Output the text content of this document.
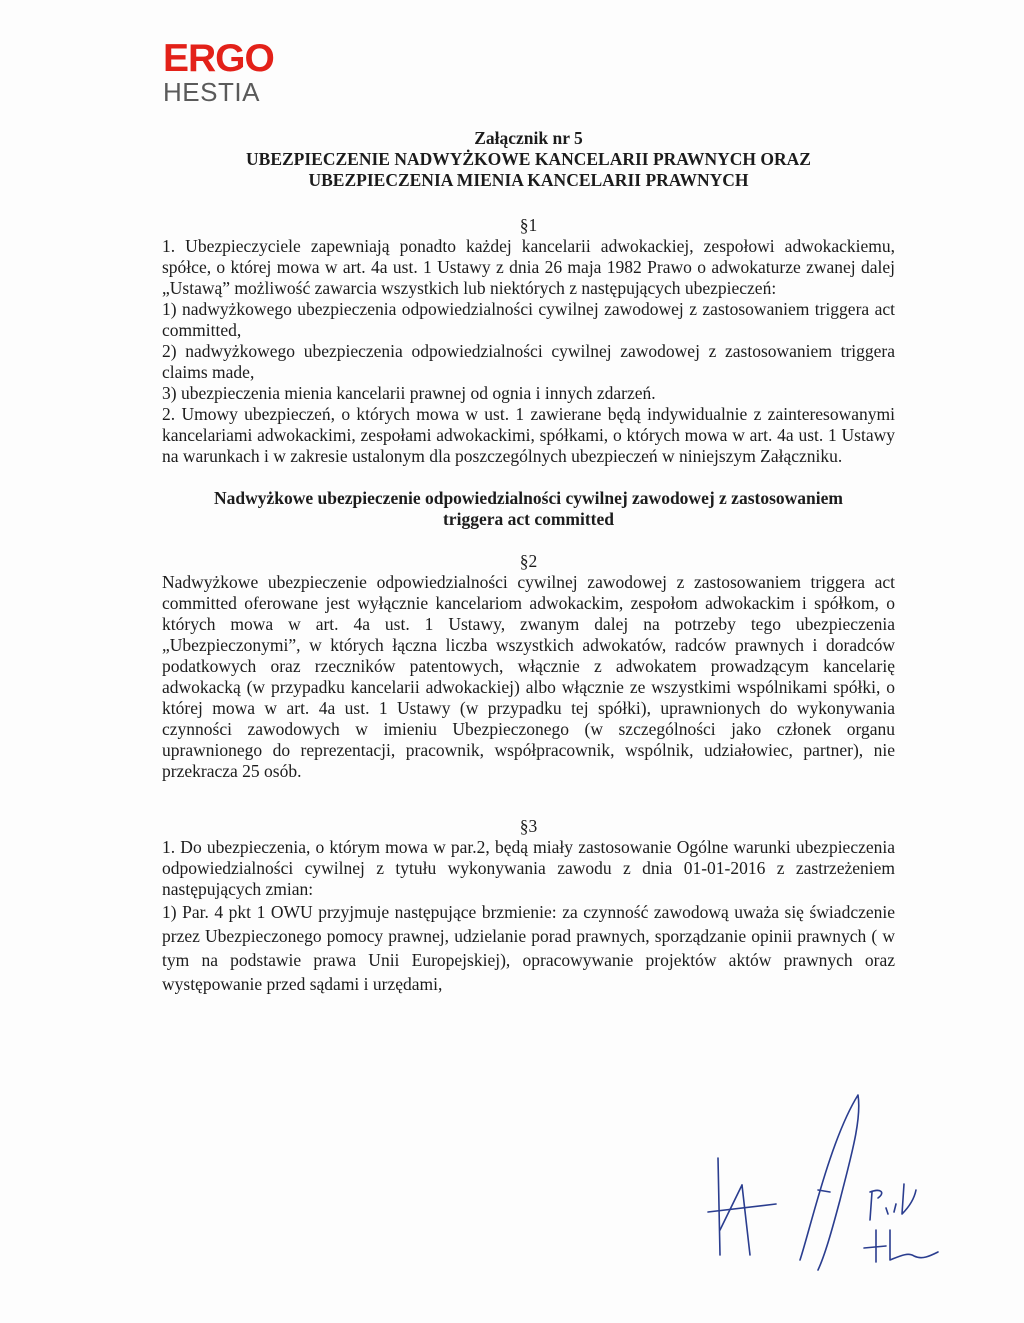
ERGO
HESTIA
Załącznik nr 5
UBEZPIECZENIE NADWYŻKOWE KANCELARII PRAWNYCH ORAZ
UBEZPIECZENIA MIENIA KANCELARII PRAWNYCH
§1

1. Ubezpieczyciele zapewniają ponadto każdej kancelarii adwokackiej, zespołowi adwokackiemu, spółce, o której mowa w art. 4a ust. 1 Ustawy z dnia 26 maja 1982 Prawo o adwokaturze zwanej dalej „Ustawą” możliwość zawarcia wszystkich lub niektórych z następujących ubezpieczeń:

1) nadwyżkowego ubezpieczenia odpowiedzialności cywilnej zawodowej z zastosowaniem triggera act committed,

2) nadwyżkowego ubezpieczenia odpowiedzialności cywilnej zawodowej z zastosowaniem triggera claims made,

3) ubezpieczenia mienia kancelarii prawnej od ognia i innych zdarzeń.

2. Umowy ubezpieczeń, o których mowa w ust. 1 zawierane będą indywidualnie z zainteresowanymi kancelariami adwokackimi, zespołami adwokackimi, spółkami, o których mowa w art. 4a ust. 1 Ustawy na warunkach i w zakresie ustalonym dla poszczególnych ubezpieczeń w niniejszym Załączniku.

Nadwyżkowe ubezpieczenie odpowiedzialności cywilnej zawodowej z zastosowaniem
triggera act committed
§2

Nadwyżkowe ubezpieczenie odpowiedzialności cywilnej zawodowej z zastosowaniem triggera act committed oferowane jest wyłącznie kancelariom adwokackim, zespołom adwokackim i spółkom, o których mowa w art. 4a ust. 1 Ustawy, zwanym dalej na potrzeby tego ubezpieczenia „Ubezpieczonymi”, w których łączna liczba wszystkich adwokatów, radców prawnych i doradców podatkowych oraz rzeczników patentowych, włącznie z adwokatem prowadzącym kancelarię adwokacką (w przypadku kancelarii adwokackiej) albo włącznie ze wszystkimi wspólnikami spółki, o której mowa w art. 4a ust. 1 Ustawy (w przypadku tej spółki), uprawnionych do wykonywania czynności zawodowych w imieniu Ubezpieczonego (w szczególności jako członek organu uprawnionego do reprezentacji, pracownik, współpracownik, wspólnik, udziałowiec, partner), nie przekracza 25 osób.

§3

1. Do ubezpieczenia, o którym mowa w par.2, będą miały zastosowanie Ogólne warunki ubezpieczenia odpowiedzialności cywilnej z tytułu wykonywania zawodu z dnia 01-01-2016 z zastrzeżeniem następujących zmian:

1) Par. 4 pkt 1 OWU przyjmuje następujące brzmienie: za czynność zawodową uważa się świadczenie przez Ubezpieczonego pomocy prawnej, udzielanie porad prawnych, sporządzanie opinii prawnych ( w tym na podstawie prawa Unii Europejskiej), opracowywanie projektów aktów prawnych oraz występowanie przed sądami i urzędami,
